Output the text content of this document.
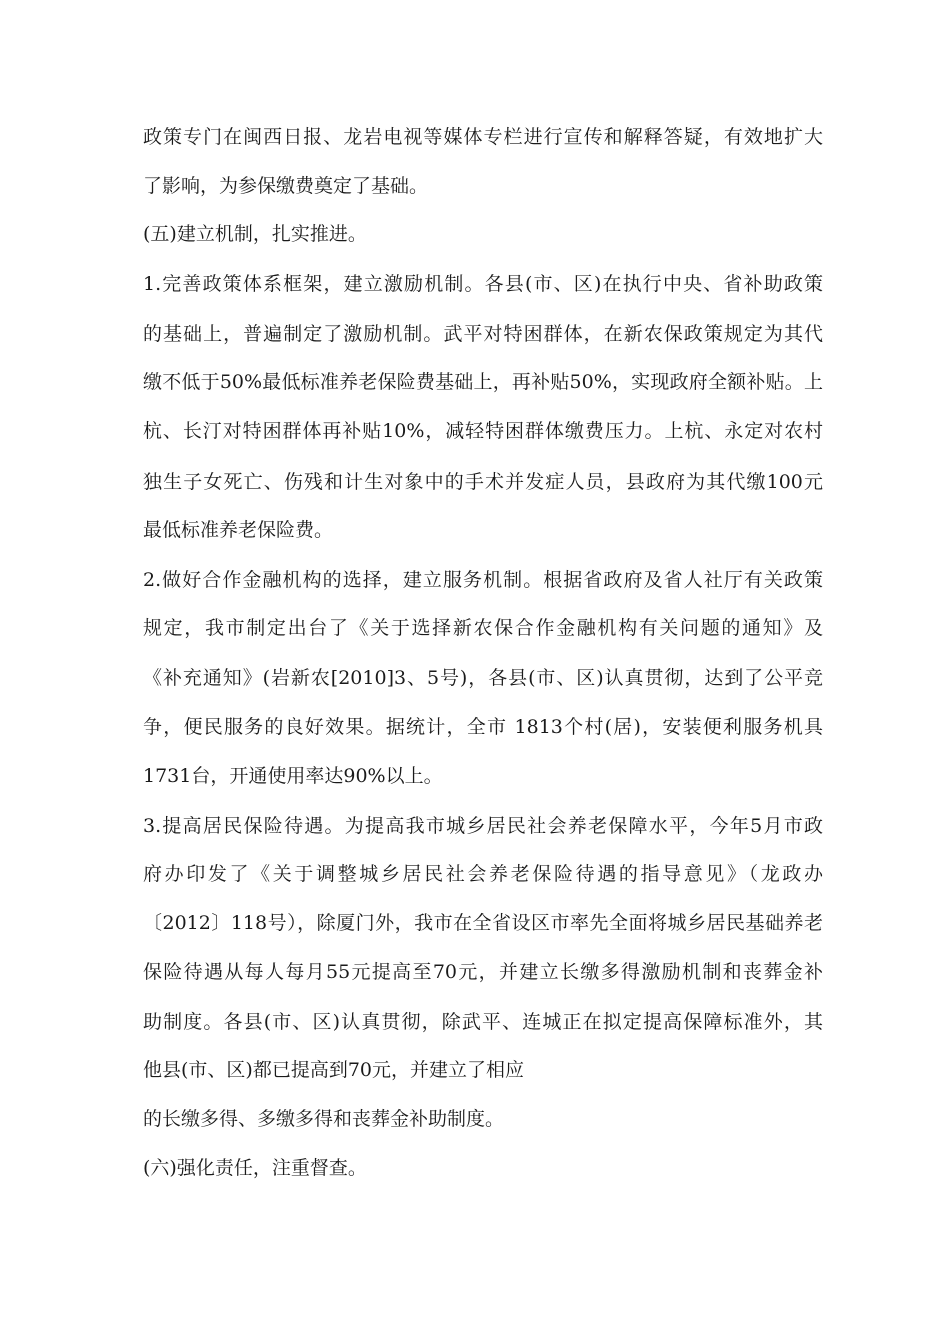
政策专门在闽西日报、龙岩电视等媒体专栏进行宣传和解释答疑，有效地扩大
了影响，为参保缴费奠定了基础。
(五)建立机制，扎实推进。
1.完善政策体系框架，建立激励机制。各县(市、区)在执行中央、省补助政策
的基础上，普遍制定了激励机制。武平对特困群体，在新农保政策规定为其代
缴不低于50%最低标准养老保险费基础上，再补贴50%，实现政府全额补贴。上
杭、长汀对特困群体再补贴10%，减轻特困群体缴费压力。上杭、永定对农村
独生子女死亡、伤残和计生对象中的手术并发症人员，县政府为其代缴100元
最低标准养老保险费。
2.做好合作金融机构的选择，建立服务机制。根据省政府及省人社厅有关政策
规定，我市制定出台了《关于选择新农保合作金融机构有关问题的通知》及
《补充通知》(岩新农[2010]3、5号)，各县(市、区)认真贯彻，达到了公平竞
争，便民服务的良好效果。据统计，全市 1813个村(居)，安装便利服务机具
1731台，开通使用率达90%以上。
3.提高居民保险待遇。为提高我市城乡居民社会养老保障水平，今年5月市政
府办印发了《关于调整城乡居民社会养老保险待遇的指导意见》（龙政办
〔2012〕118号），除厦门外，我市在全省设区市率先全面将城乡居民基础养老
保险待遇从每人每月55元提高至70元，并建立长缴多得激励机制和丧葬金补
助制度。各县(市、区)认真贯彻，除武平、连城正在拟定提高保障标准外，其
他县(市、区)都已提高到70元，并建立了相应
的长缴多得、多缴多得和丧葬金补助制度。
(六)强化责任，注重督查。
